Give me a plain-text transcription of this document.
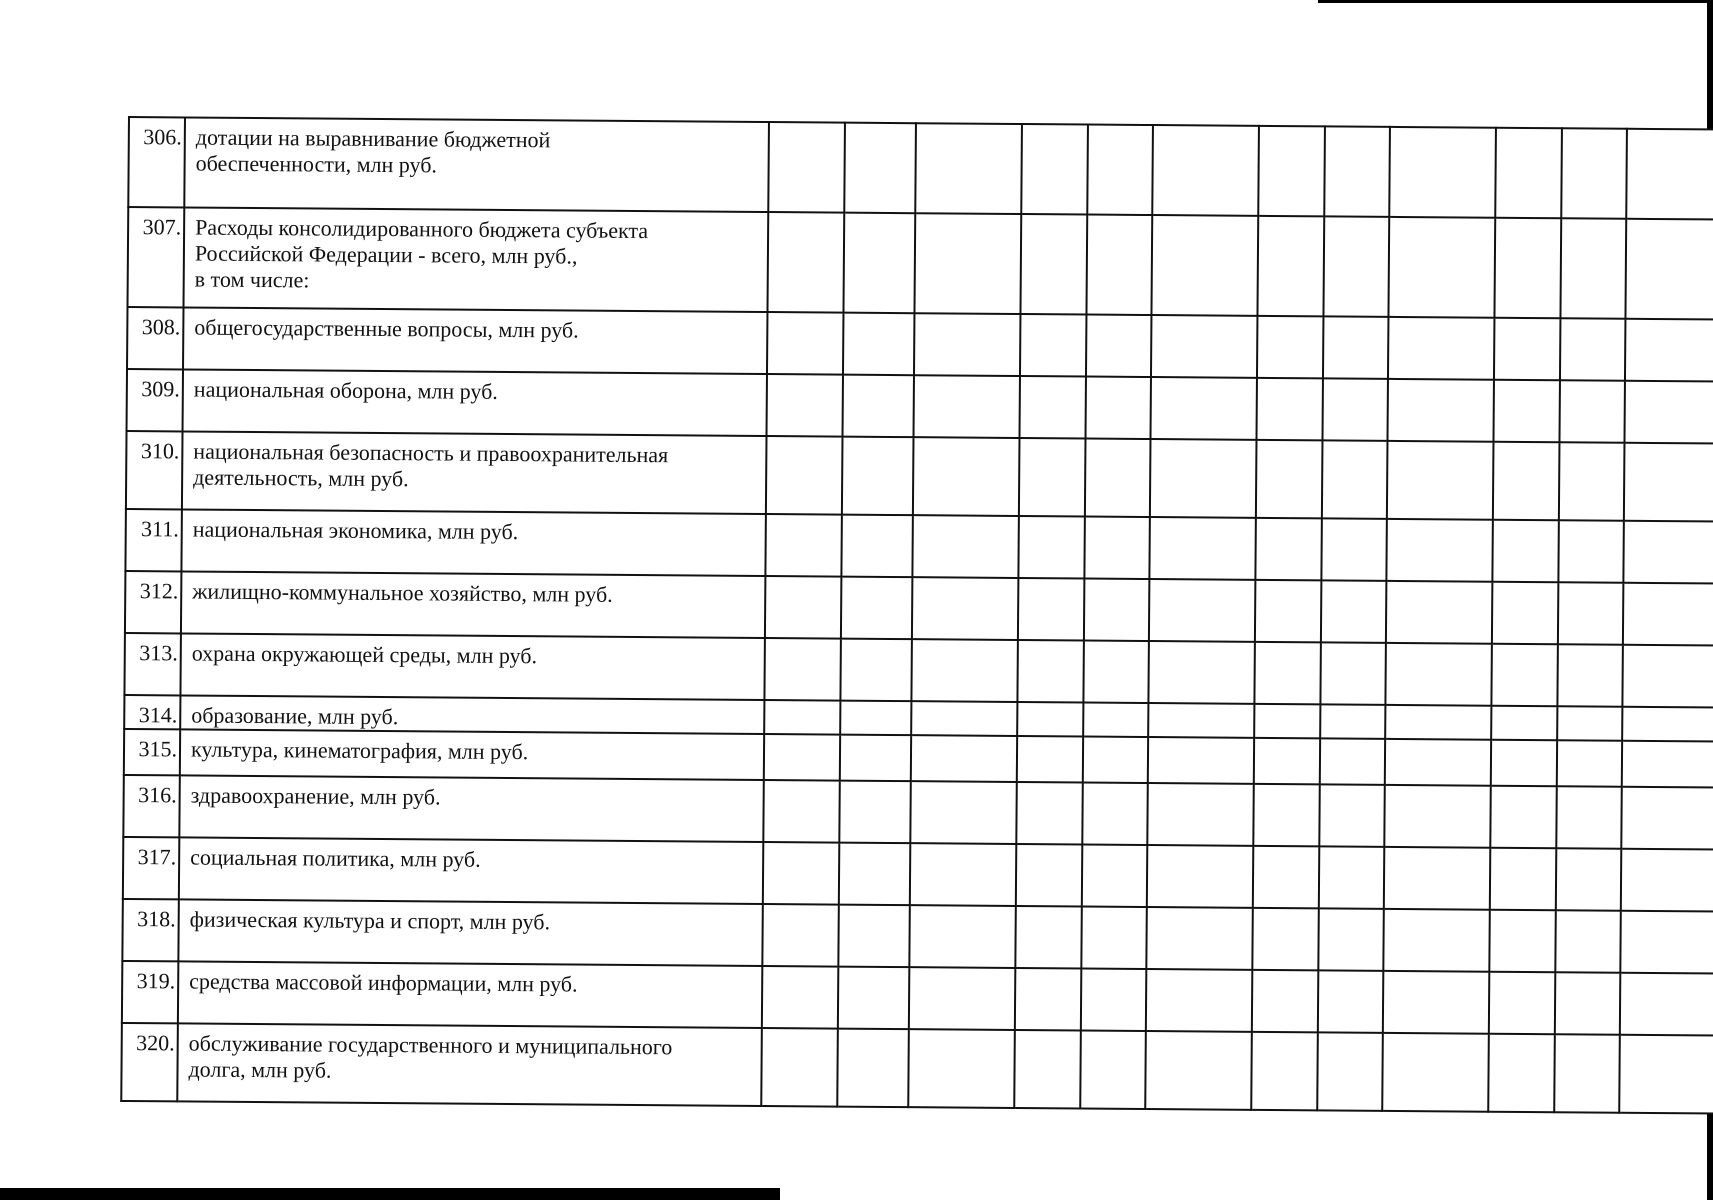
306.	дотации на выравнивание бюджетной
обеспеченности, млн руб.												

307.	Расходы консолидированного бюджета субъекта
Российской Федерации - всего, млн руб.,
в том числе:												

308.	общегосударственные вопросы, млн руб.												

309.	национальная оборона, млн руб.												

310.	национальная безопасность и правоохранительная
деятельность, млн руб.												

311.	национальная экономика, млн руб.												

312.	жилищно-коммунальное хозяйство, млн руб.												

313.	охрана окружающей среды, млн руб.												

314.	образование, млн руб.												

315.	культура, кинематография, млн руб.												

316.	здравоохранение, млн руб.												

317.	социальная политика, млн руб.												

318.	физическая культура и спорт, млн руб.												

319.	средства массовой информации, млн руб.												

320.	обслуживание государственного и муниципального
долга, млн руб.												
